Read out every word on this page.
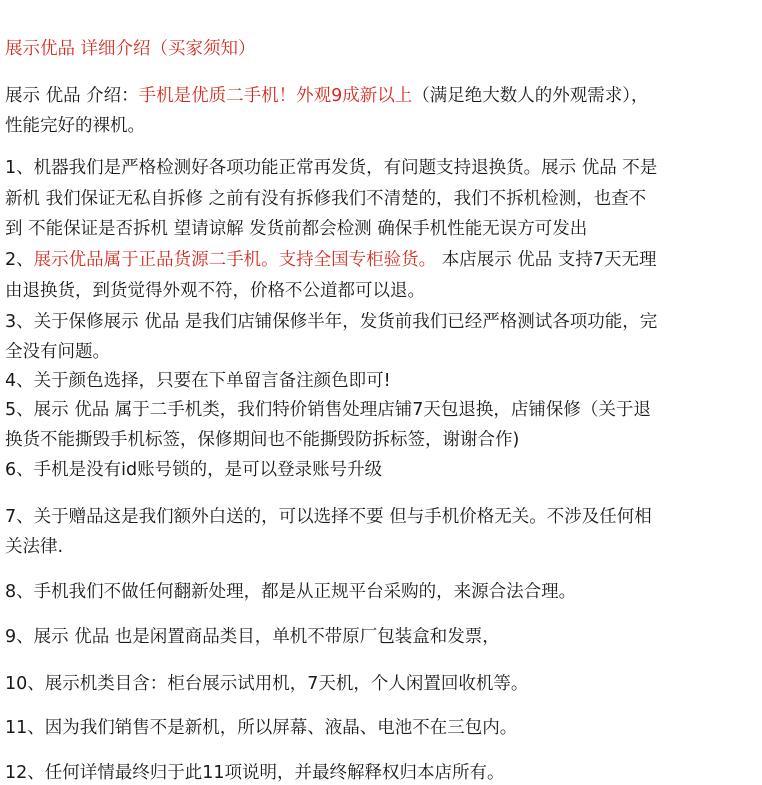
展示优品 详细介绍（买家须知）
展示 优品 介绍：手机是优质二手机！外观9成新以上（满足绝大数人的外观需求），
性能完好的裸机。
1、机器我们是严格检测好各项功能正常再发货，有问题支持退换货。展示 优品 不是
新机 我们保证无私自拆修 之前有没有拆修我们不清楚的，我们不拆机检测，也查不
到 不能保证是否拆机 望请谅解 发货前都会检测 确保手机性能无误方可发出
2、展示优品属于正品货源二手机。支持全国专柜验货。 本店展示 优品 支持7天无理
由退换货，到货觉得外观不符，价格不公道都可以退。
3、关于保修展示 优品 是我们店铺保修半年，发货前我们已经严格测试各项功能，完
全没有问题。
4、关于颜色选择，只要在下单留言备注颜色即可!
5、展示 优品 属于二手机类，我们特价销售处理店铺7天包退换，店铺保修（关于退
换货不能撕毁手机标签，保修期间也不能撕毁防拆标签，谢谢合作)
6、手机是没有id账号锁的，是可以登录账号升级
7、关于赠品这是我们额外白送的，可以选择不要 但与手机价格无关。不涉及任何相
关法律.
8、手机我们不做任何翻新处理，都是从正规平台采购的，来源合法合理。
9、展示 优品 也是闲置商品类目，单机不带原厂包装盒和发票，
10、展示机类目含：柜台展示试用机，7天机，个人闲置回收机等。
11、因为我们销售不是新机，所以屏幕、液晶、电池不在三包内。
12、任何详情最终归于此11项说明，并最终解释权归本店所有。
